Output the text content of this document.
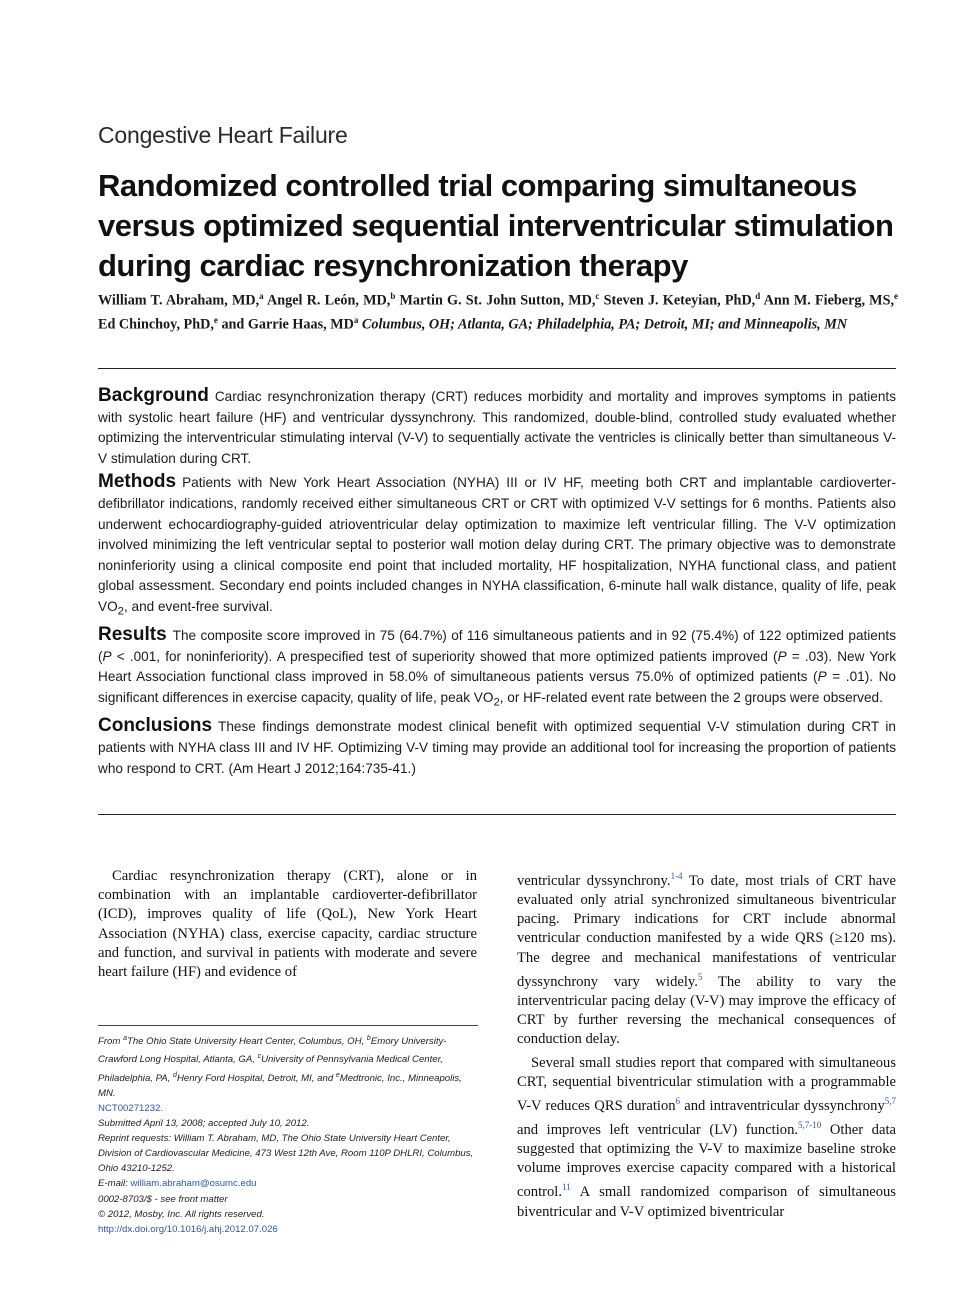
Congestive Heart Failure
Randomized controlled trial comparing simultaneous versus optimized sequential interventricular stimulation during cardiac resynchronization therapy
William T. Abraham, MD,$^a$ Angel R. León, MD,$^b$ Martin G. St. John Sutton, MD,$^c$ Steven J. Keteyian, PhD,$^d$ Ann M. Fieberg, MS,$^e$ Ed Chinchoy, PhD,$^e$ and Garrie Haas, $MD^a$ Columbus, OH; Atlanta, GA; Philadelphia, PA; Detroit, MI; and Minneapolis, MN

Background Cardiac resynchronization therapy (CRT) reduces morbidity and mortality and improves symptoms in patients with systolic heart failure (HF) and ventricular dyssynchrony. This randomized, double-blind, controlled study evaluated whether optimizing the interventricular stimulating interval (V-V) to sequentially activate the ventricles is clinically better than simultaneous V-V stimulation during CRT.

Methods Patients with New York Heart Association (NYHA) III or IV HF, meeting both CRT and implantable cardioverter-defibrillator indications, randomly received either simultaneous CRT or CRT with optimized V-V settings for 6 months. Patients also underwent echocardiography-guided atrioventricular delay optimization to maximize left ventricular filling. The V-V optimization involved minimizing the left ventricular septal to posterior wall motion delay during CRT. The primary objective was to demonstrate noninferiority using a clinical composite end point that included mortality, HF hospitalization, NYHA functional class, and patient global assessment. Secondary end points included changes in NYHA classification, 6-minute hall walk distance, quality of life, peak $VO_2$, and event-free survival.

Results The composite score improved in 75 (64.7%) of 116 simultaneous patients and in 92 (75.4%) of 122 optimized patients (P < .001, for noninferiority). A prespecified test of superiority showed that more optimized patients improved (P = .03). New York Heart Association functional class improved in 58.0% of simultaneous patients versus 75.0% of optimized patients (P = .01). No significant differences in exercise capacity, quality of life, peak $VO_2$, or HF-related event rate between the 2 groups were observed.

Conclusions These findings demonstrate modest clinical benefit with optimized sequential V-V stimulation during CRT in patients with NYHA class III and IV HF. Optimizing V-V timing may provide an additional tool for increasing the proportion of patients who respond to CRT. (Am Heart J 2012;164:735-41.)

Cardiac resynchronization therapy (CRT), alone or in combination with an implantable cardioverter-defibrillator (ICD), improves quality of life (QoL), New York Heart Association (NYHA) class, exercise capacity, cardiac structure and function, and survival in patients with moderate and severe heart failure (HF) and evidence of

ventricular dyssynchrony.$^{1-4}$ To date, most trials of CRT have evaluated only atrial synchronized simultaneous biventricular pacing. Primary indications for CRT include abnormal ventricular conduction manifested by a wide QRS (≥120 ms). The degree and mechanical manifestations of ventricular dyssynchrony vary widely.$^5$ The ability to vary the interventricular pacing delay (V-V) may improve the efficacy of CRT by further reversing the mechanical consequences of conduction delay.

Several small studies report that compared with simultaneous CRT, sequential biventricular stimulation with a programmable V-V reduces QRS duration$^6$ and intraventricular dyssynchrony$^{5,7}$ and improves left ventricular (LV) function.$^{5,7-10}$ Other data suggested that optimizing the V-V to maximize baseline stroke volume improves exercise capacity compared with a historical control.$^{11}$ A small randomized comparison of simultaneous biventricular and V-V optimized biventricular

From $^a$The Ohio State University Heart Center, Columbus, OH, $^b$Emory University-Crawford Long Hospital, Atlanta, GA, $^c$University of Pennsylvania Medical Center, Philadelphia, PA, $^d$Henry Ford Hospital, Detroit, MI, and $^e$Medtronic, Inc., Minneapolis, MN.
NCT00271232.
Submitted April 13, 2008; accepted July 10, 2012.
Reprint requests: William T. Abraham, MD, The Ohio State University Heart Center, Division of Cardiovascular Medicine, 473 West 12th Ave, Room 110P DHLRI, Columbus, Ohio 43210-1252.
E-mail: william.abraham@osumc.edu
0002-8703/$ - see front matter
© 2012, Mosby, Inc. All rights reserved.
http://dx.doi.org/10.1016/j.ahj.2012.07.026
